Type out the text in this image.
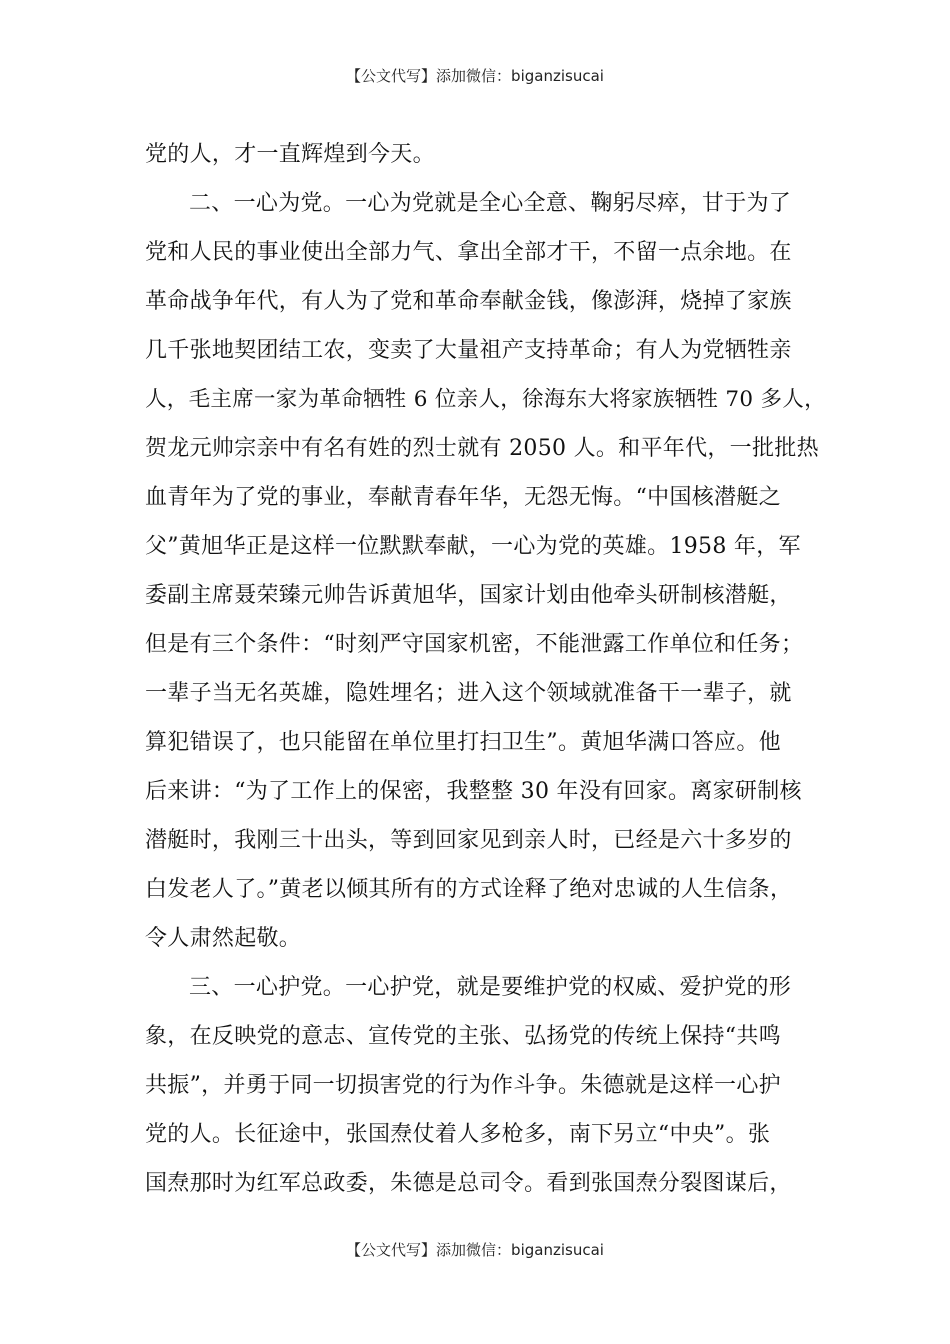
【公文代写】添加微信：biganzisucai
党的人，才一直辉煌到今天。
二、一心为党。一心为党就是全心全意、鞠躬尽瘁，甘于为了
党和人民的事业使出全部力气、拿出全部才干，不留一点余地。在
革命战争年代，有人为了党和革命奉献金钱，像澎湃，烧掉了家族
几千张地契团结工农，变卖了大量祖产支持革命；有人为党牺牲亲
人，毛主席一家为革命牺牲 6 位亲人，徐海东大将家族牺牲 70 多人，
贺龙元帅宗亲中有名有姓的烈士就有 2050 人。和平年代，一批批热
血青年为了党的事业，奉献青春年华，无怨无悔。“中国核潜艇之
父”黄旭华正是这样一位默默奉献，一心为党的英雄。1958 年，军
委副主席聂荣臻元帅告诉黄旭华，国家计划由他牵头研制核潜艇，
但是有三个条件：“时刻严守国家机密，不能泄露工作单位和任务；
一辈子当无名英雄，隐姓埋名；进入这个领域就准备干一辈子，就
算犯错误了，也只能留在单位里打扫卫生”。黄旭华满口答应。他
后来讲：“为了工作上的保密，我整整 30 年没有回家。离家研制核
潜艇时，我刚三十出头，等到回家见到亲人时，已经是六十多岁的
白发老人了。”黄老以倾其所有的方式诠释了绝对忠诚的人生信条，
令人肃然起敬。
三、一心护党。一心护党，就是要维护党的权威、爱护党的形
象，在反映党的意志、宣传党的主张、弘扬党的传统上保持“共鸣
共振”，并勇于同一切损害党的行为作斗争。朱德就是这样一心护
党的人。长征途中，张国焘仗着人多枪多，南下另立“中央”。张
国焘那时为红军总政委，朱德是总司令。看到张国焘分裂图谋后，
【公文代写】添加微信：biganzisucai
